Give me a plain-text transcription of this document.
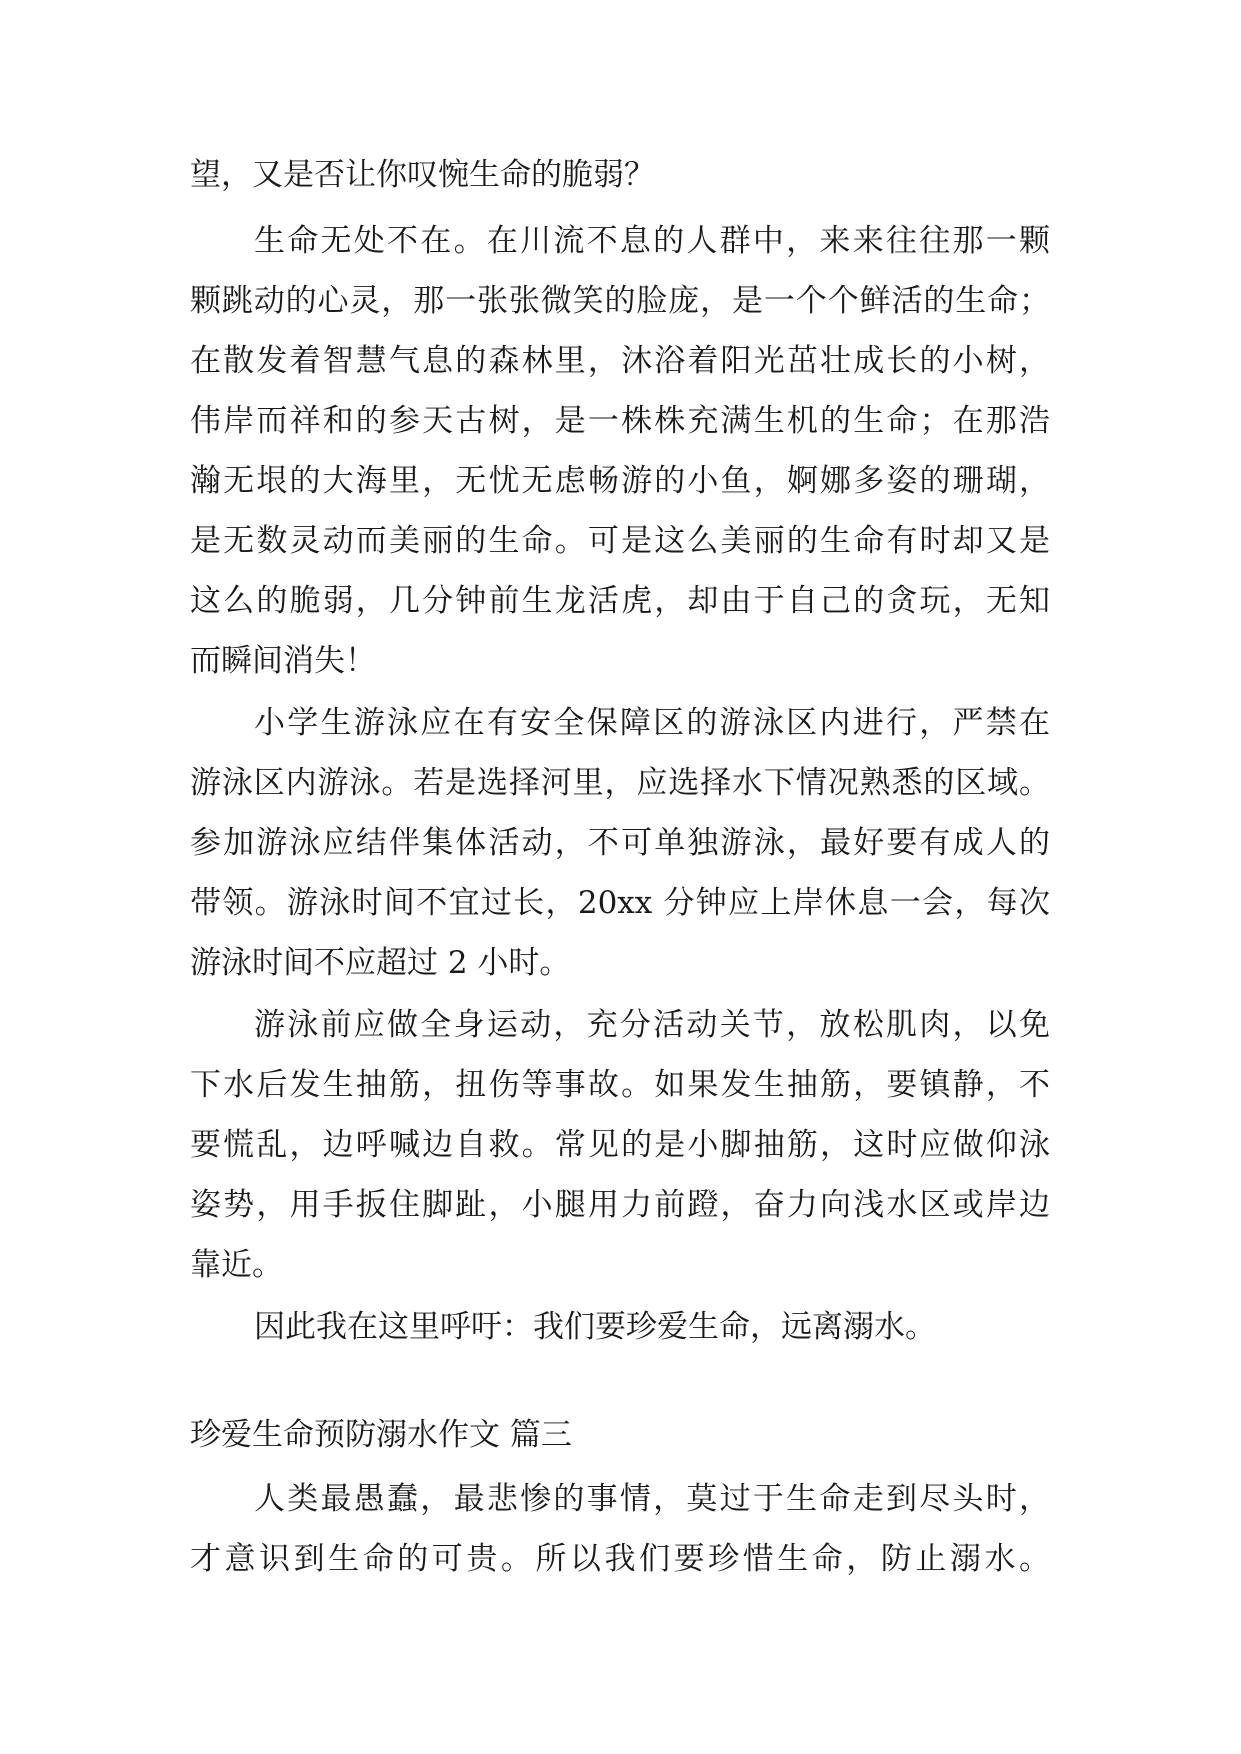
望，又是否让你叹惋生命的脆弱？
生命无处不在。在川流不息的人群中，来来往往那一颗
颗跳动的心灵，那一张张微笑的脸庞，是一个个鲜活的生命；
在散发着智慧气息的森林里，沐浴着阳光茁壮成长的小树，
伟岸而祥和的参天古树，是一株株充满生机的生命；在那浩
瀚无垠的大海里，无忧无虑畅游的小鱼，婀娜多姿的珊瑚，
是无数灵动而美丽的生命。可是这么美丽的生命有时却又是
这么的脆弱，几分钟前生龙活虎，却由于自己的贪玩，无知
而瞬间消失！
小学生游泳应在有安全保障区的游泳区内进行，严禁在
游泳区内游泳。若是选择河里，应选择水下情况熟悉的区域。
参加游泳应结伴集体活动，不可单独游泳，最好要有成人的
带领。游泳时间不宜过长，20xx 分钟应上岸休息一会，每次
游泳时间不应超过 2 小时。
游泳前应做全身运动，充分活动关节，放松肌肉，以免
下水后发生抽筋，扭伤等事故。如果发生抽筋，要镇静，不
要慌乱，边呼喊边自救。常见的是小脚抽筋，这时应做仰泳
姿势，用手扳住脚趾，小腿用力前蹬，奋力向浅水区或岸边
靠近。
因此我在这里呼吁：我们要珍爱生命，远离溺水。
珍爱生命预防溺水作文 篇三
人类最愚蠢，最悲惨的事情，莫过于生命走到尽头时，
才意识到生命的可贵。所以我们要珍惜生命，防止溺水。
